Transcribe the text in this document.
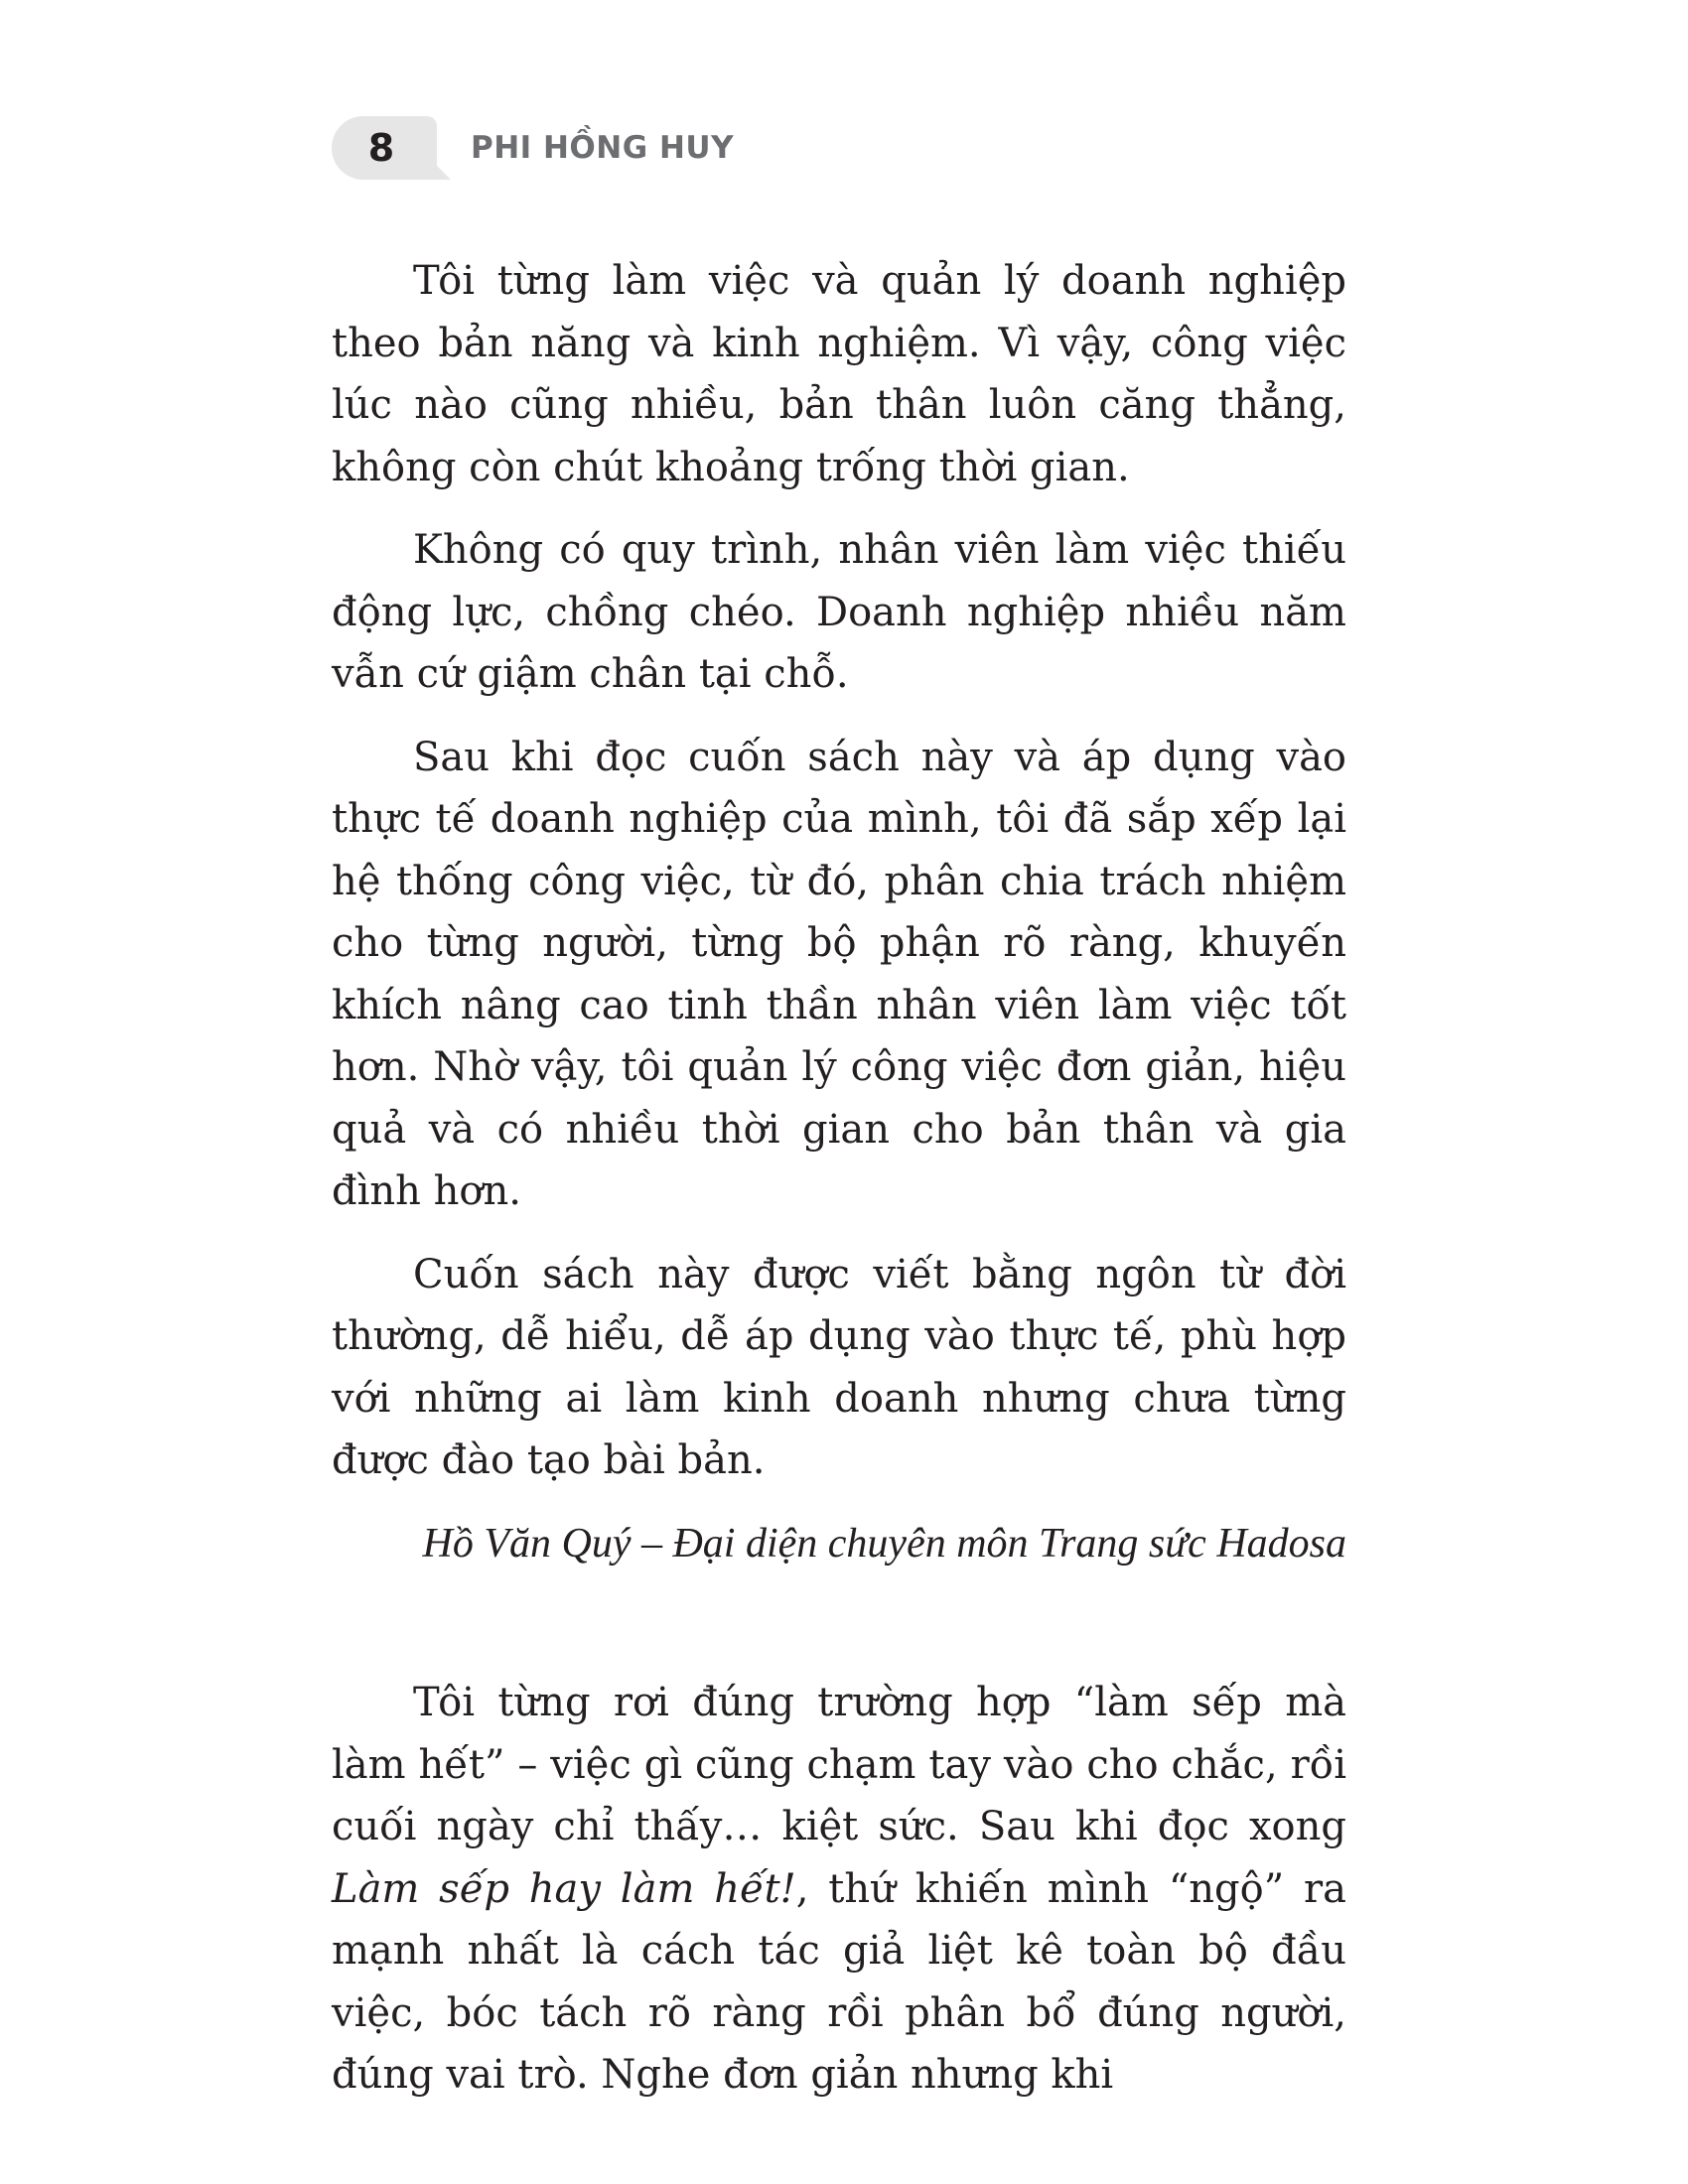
8 PHI HỒNG HUY

Tôi từng làm việc và quản lý doanh nghiệp theo bản năng và kinh nghiệm. Vì vậy, công việc lúc nào cũng nhiều, bản thân luôn căng thẳng, không còn chút khoảng trống thời gian.

Không có quy trình, nhân viên làm việc thiếu động lực, chồng chéo. Doanh nghiệp nhiều năm vẫn cứ giậm chân tại chỗ.

Sau khi đọc cuốn sách này và áp dụng vào thực tế doanh nghiệp của mình, tôi đã sắp xếp lại hệ thống công việc, từ đó, phân chia trách nhiệm cho từng người, từng bộ phận rõ ràng, khuyến khích nâng cao tinh thần nhân viên làm việc tốt hơn. Nhờ vậy, tôi quản lý công việc đơn giản, hiệu quả và có nhiều thời gian cho bản thân và gia đình hơn.

Cuốn sách này được viết bằng ngôn từ đời thường, dễ hiểu, dễ áp dụng vào thực tế, phù hợp với những ai làm kinh doanh nhưng chưa từng được đào tạo bài bản.

Hồ Văn Quý – Đại diện chuyên môn Trang sức Hadosa

Tôi từng rơi đúng trường hợp “làm sếp mà làm hết” – việc gì cũng chạm tay vào cho chắc, rồi cuối ngày chỉ thấy… kiệt sức. Sau khi đọc xong Làm sếp hay làm hết!, thứ khiến mình “ngộ” ra mạnh nhất là cách tác giả liệt kê toàn bộ đầu việc, bóc tách rõ ràng rồi phân bổ đúng người, đúng vai trò. Nghe đơn giản nhưng khi
